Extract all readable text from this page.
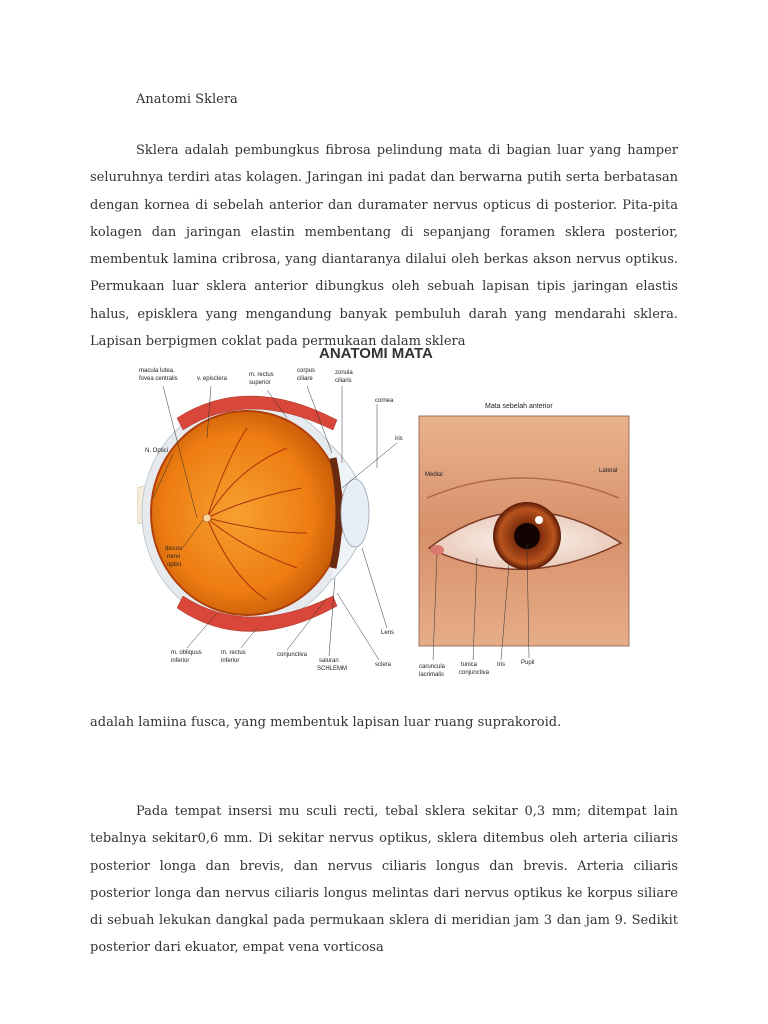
Anatomi Sklera
Sklera adalah pembungkus fibrosa pelindung mata di bagian luar yang hamper seluruhnya terdiri atas kolagen. Jaringan ini padat dan berwarna putih serta berbatasan dengan kornea di sebelah anterior dan duramater nervus opticus di posterior. Pita-pita kolagen dan jaringan elastin membentang di sepanjang foramen sklera posterior, membentuk lamina cribrosa, yang diantaranya dilalui oleh berkas akson nervus optikus. Permukaan luar sklera anterior dibungkus oleh sebuah lapisan tipis jaringan elastis halus, episklera yang mengandung banyak pembuluh darah yang mendarahi sklera. Lapisan berpigmen coklat pada permukaan dalam sklera
ANATOMI MATA
macula lutea,
fovea centralis	v. episclera
m. rectus
superior
corpus
ciliare
zonula
ciliaris
cornea
iris
N. Optici
discus
nervi
optici
Lens
m. obliquus
inferior
m. rectus
inferior
conjunctiva
saluran
SCHLEMM
sclera
Mata sebelah anterior
Medial
Lateral
caruncula
lacrimalis
tunica
conjunctiva
Iris	Pupil
adalah lamiina fusca, yang membentuk lapisan luar ruang suprakoroid.
Pada tempat insersi mu sculi recti, tebal sklera sekitar 0,3 mm; ditempat lain tebalnya sekitar0,6 mm. Di sekitar nervus optikus, sklera ditembus oleh arteria ciliaris posterior longa dan brevis, dan nervus ciliaris longus dan brevis. Arteria ciliaris posterior longa dan nervus ciliaris longus melintas dari nervus optikus ke korpus siliare di sebuah lekukan dangkal pada permukaan sklera di meridian jam 3 dan jam 9. Sedikit posterior dari ekuator, empat vena vorticosa
